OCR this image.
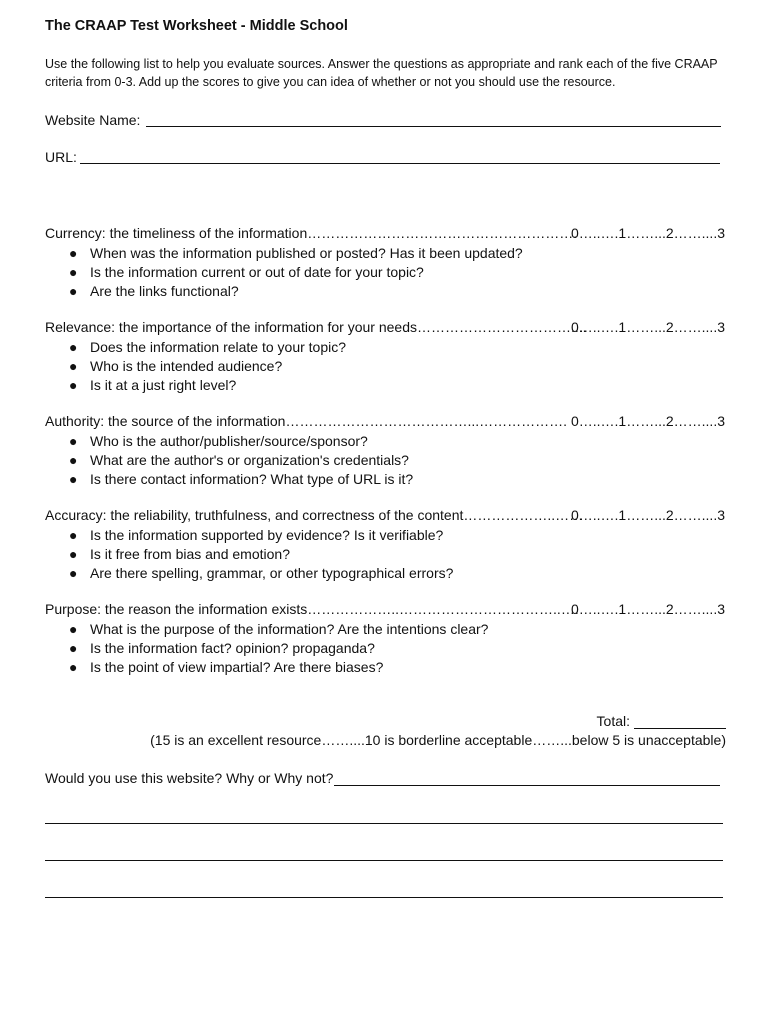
The CRAAP Test Worksheet - Middle School
Use the following list to help you evaluate sources. Answer the questions as appropriate and rank each of the five CRAAP criteria from 0-3. Add up the scores to give you can idea of whether or not you should use the resource.
Website Name:
URL:
Currency: the timeliness of the information………………………………………………….
0…..….1……...2……....3
● When was the information published or posted? Has it been updated?
● Is the information current or out of date for your topic?
● Are the links functional?
Relevance: the importance of the information for your needs……………………………....
0…..….1……...2……....3
● Does the information relate to your topic?
● Who is the intended audience?
● Is it at a just right level?
Authority: the source of the information…………………………………...………………. 0…..….1……...2……....3
● Who is the author/publisher/source/sponsor?
● What are the author's or organization's credentials?
● Is there contact information? What type of URL is it?
Accuracy: the reliability, truthfulness, and correctness of the content………………..……
0…..….1……...2……....3
● Is the information supported by evidence? Is it verifiable?
● Is it free from bias and emotion?
● Are there spelling, grammar, or other typographical errors?
Purpose: the reason the information exists………………..……………………………..….
0…..….1……...2……....3
● What is the purpose of the information? Are the intentions clear?
● Is the information fact? opinion? propaganda?
● Is the point of view impartial? Are there biases?
Total:
(15 is an excellent resource……....10 is borderline acceptable……...below 5 is unacceptable)
Would you use this website? Why or Why not?
